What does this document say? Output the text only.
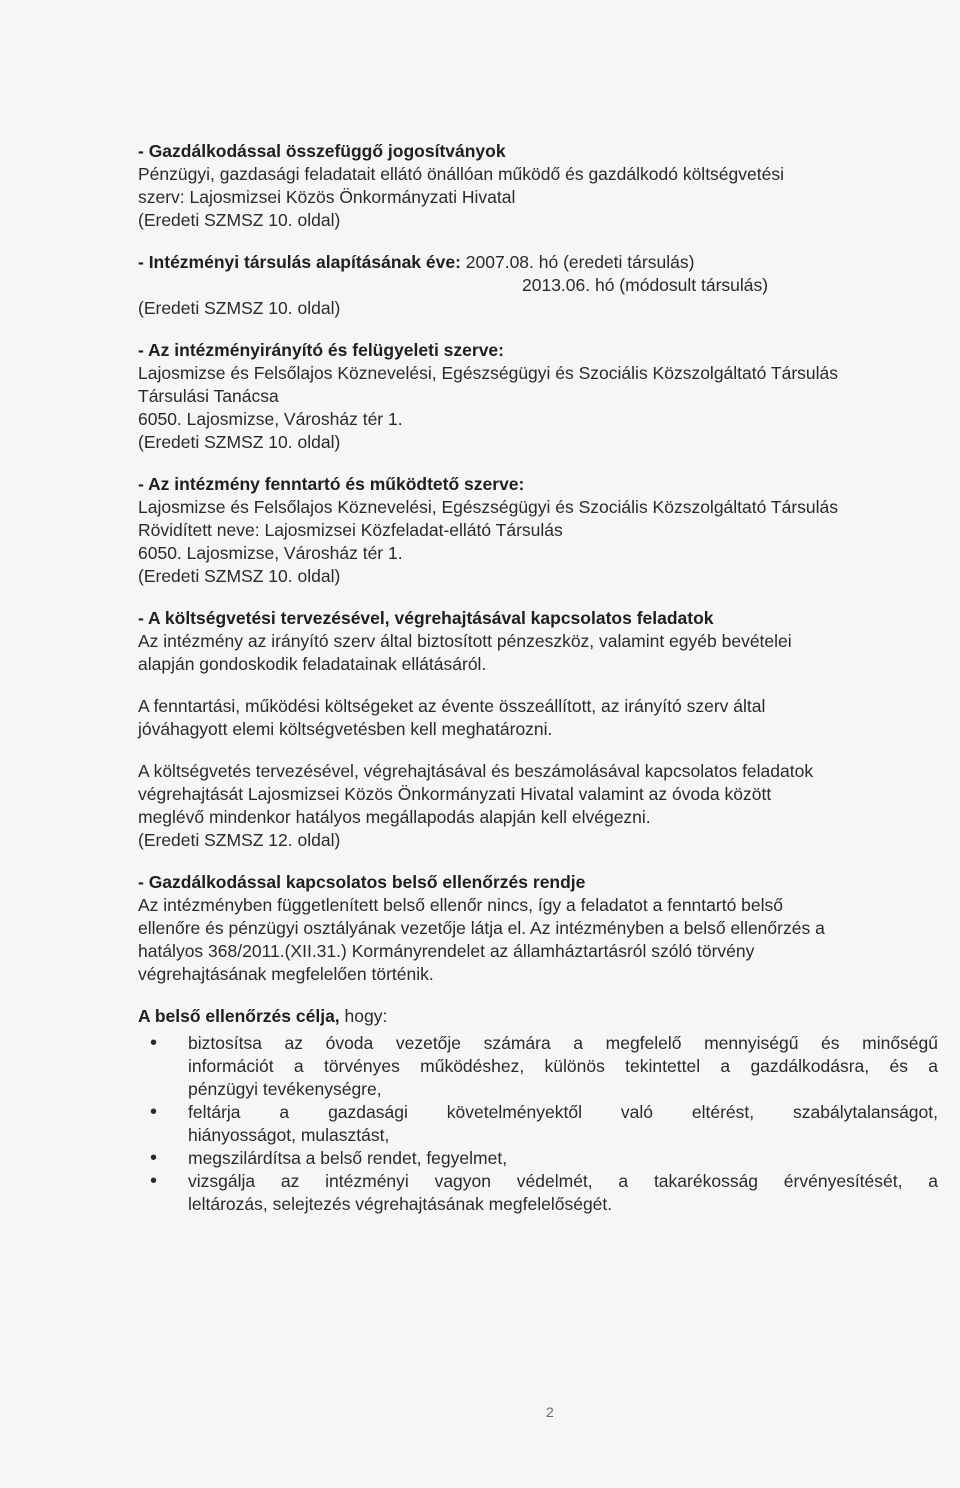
- Gazdálkodással összefüggő jogosítványok
Pénzügyi, gazdasági feladatait ellátó önállóan működő és gazdálkodó költségvetési
szerv: Lajosmizsei Közös Önkormányzati Hivatal
(Eredeti SZMSZ 10. oldal)
- Intézményi társulás alapításának éve: 2007.08. hó (eredeti társulás)
2013.06. hó (módosult társulás)
(Eredeti SZMSZ 10. oldal)
- Az intézményirányító és felügyeleti szerve:
Lajosmizse és Felsőlajos Köznevelési, Egészségügyi és Szociális Közszolgáltató Társulás
Társulási Tanácsa
6050. Lajosmizse, Városház tér 1.
(Eredeti SZMSZ 10. oldal)
- Az intézmény fenntartó és működtető szerve:
Lajosmizse és Felsőlajos Köznevelési, Egészségügyi és Szociális Közszolgáltató Társulás
Rövidített neve: Lajosmizsei Közfeladat-ellátó Társulás
6050. Lajosmizse, Városház tér 1.
(Eredeti SZMSZ 10. oldal)
- A költségvetési tervezésével, végrehajtásával kapcsolatos feladatok
Az intézmény az irányító szerv által biztosított pénzeszköz, valamint egyéb bevételei
alapján gondoskodik feladatainak ellátásáról.
A fenntartási, működési költségeket az évente összeállított, az irányító szerv által
jóváhagyott elemi költségvetésben kell meghatározni.
A költségvetés tervezésével, végrehajtásával és beszámolásával kapcsolatos feladatok
végrehajtását Lajosmizsei Közös Önkormányzati Hivatal valamint az óvoda között
meglévő mindenkor hatályos megállapodás alapján kell elvégezni.
(Eredeti SZMSZ 12. oldal)
- Gazdálkodással kapcsolatos belső ellenőrzés rendje
Az intézményben függetlenített belső ellenőr nincs, így a feladatot a fenntartó belső
ellenőre és pénzügyi osztályának vezetője látja el. Az intézményben a belső ellenőrzés a
hatályos 368/2011.(XII.31.) Kormányrendelet az államháztartásról szóló törvény
végrehajtásának megfelelően történik.
A belső ellenőrzés célja, hogy:
• biztosítsa az óvoda vezetője számára a megfelelő mennyiségű és minőségű
információt a törvényes működéshez, különös tekintettel a gazdálkodásra, és a
pénzügyi tevékenységre,
• feltárja a gazdasági követelményektől való eltérést, szabálytalanságot,
hiányosságot, mulasztást,
• megszilárdítsa a belső rendet, fegyelmet,
• vizsgálja az intézményi vagyon védelmét, a takarékosság érvényesítését, a
leltározás, selejtezés végrehajtásának megfelelőségét.
2
